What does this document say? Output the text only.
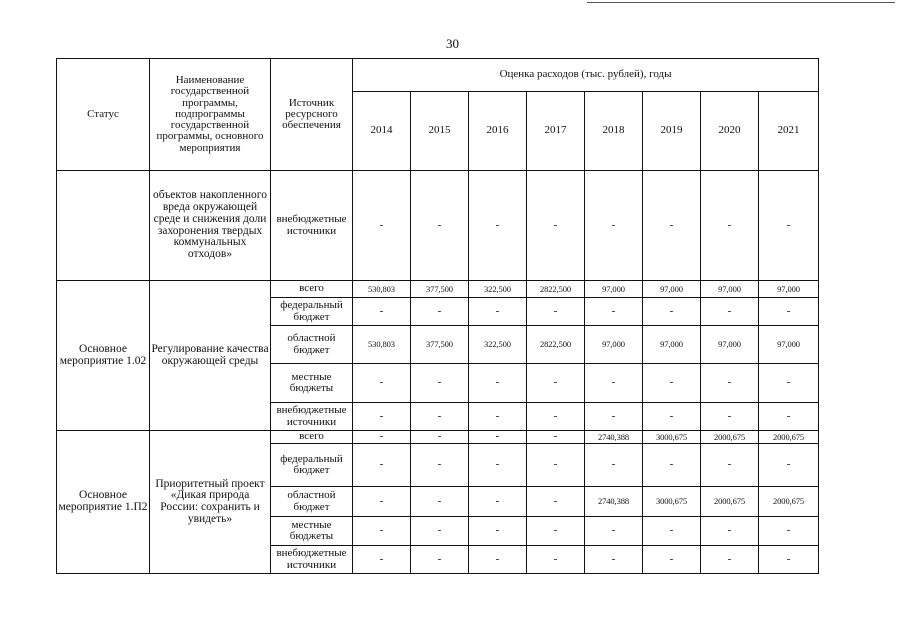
30
Статус	Наименование государственной программы, подпрограммы государственной программы, основного мероприятия	Источник ресурсного обеспечения	Оценка расходов (тыс. рублей), годы							
			2014	2015	2016	2017	2018	2019	2020	2021
	объектов накопленного вреда окружающей среде и снижения доли захоронения твердых коммунальных отходов»	внебюджетные источники	-	-	-	-	-	-	-	-
Основное мероприятие 1.02	Регулирование качества окружающей среды	всего	530,803	377,500	322,500	2822,500	97,000	97,000	97,000	97,000
		федеральный бюджет	-	-	-	-	-	-	-	-
		областной бюджет	530,803	377,500	322,500	2822,500	97,000	97,000	97,000	97,000
		местные бюджеты	-	-	-	-	-	-	-	-
		внебюджетные источники	-	-	-	-	-	-	-	-
Основное мероприятие 1.П2	Приоритетный проект «Дикая природа России: сохранить и увидеть»	всего	-	-	-	-	2740,388	3000,675	2000,675	2000,675
		федеральный бюджет	-	-	-	-	-	-	-	-
		областной бюджет	-	-	-	-	2740,388	3000,675	2000,675	2000,675
		местные бюджеты	-	-	-	-	-	-	-	-
		внебюджетные источники	-	-	-	-	-	-	-	-
